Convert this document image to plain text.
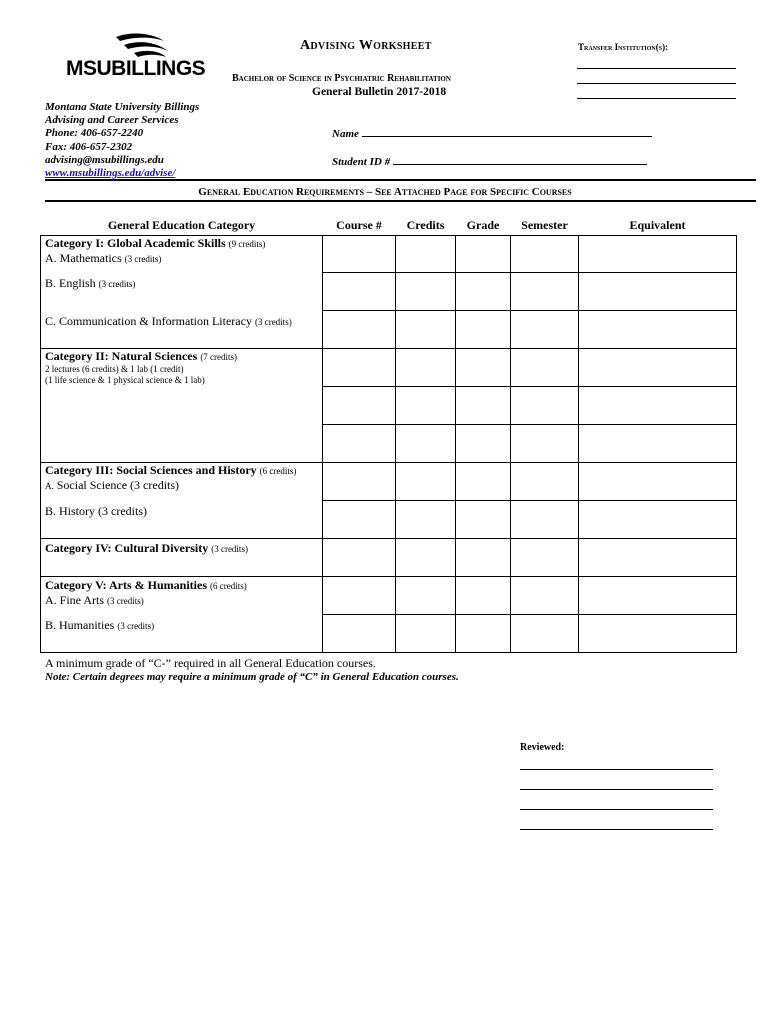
MSUBILLINGS
Montana State University Billings
Advising and Career Services
Phone: 406-657-2240
Fax: 406-657-2302
advising@msubillings.edu
www.msubillings.edu/advise/
Advising Worksheet
Bachelor of Science in Psychiatric Rehabilitation
General Bulletin 2017-2018
Transfer Institution(s):
Name
Student ID #
General Education Requirements – See Attached Page for Specific Courses
General Education Category	Course #	Credits	Grade	Semester	Equivalent
Category I: Global Academic Skills (9 credits)
A. Mathematics (3 credits)					
B. English (3 credits)					
C. Communication & Information Literacy (3 credits)					
Category II: Natural Sciences (7 credits)
2 lectures (6 credits) & 1 lab (1 credit)
(1 life science & 1 physical science & 1 lab)					

Category III: Social Sciences and History (6 credits)
A. Social Science (3 credits)					
B. History (3 credits)					
Category IV: Cultural Diversity (3 credits)					
Category V: Arts & Humanities (6 credits)
A. Fine Arts (3 credits)					
B. Humanities (3 credits)					
A minimum grade of “C-” required in all General Education courses.
Note: Certain degrees may require a minimum grade of “C” in General Education courses.
Reviewed:
